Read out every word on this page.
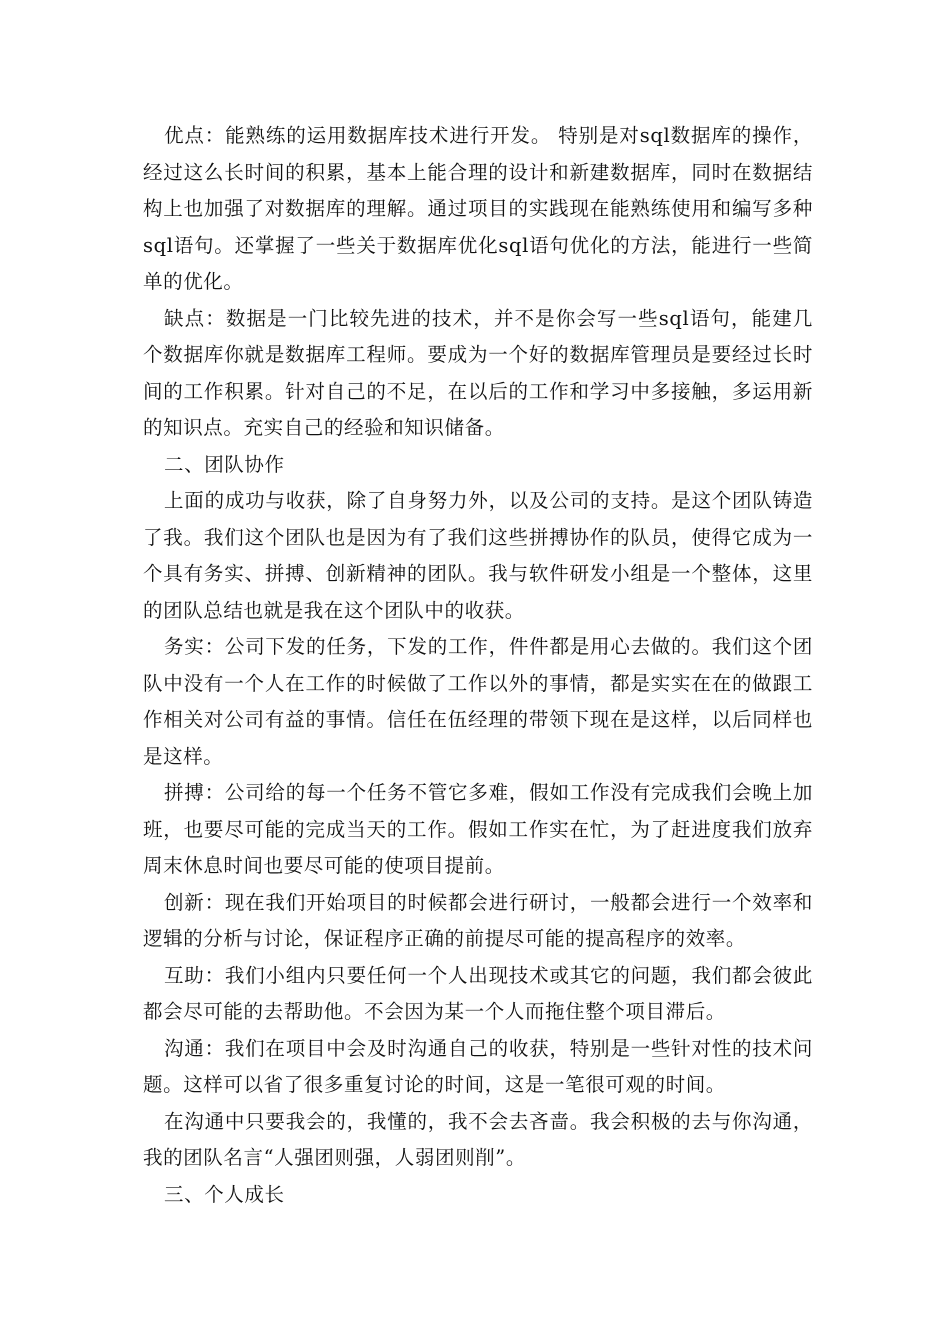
优点：能熟练的运用数据库技术进行开发。 特别是对sql数据库的操作，经过这么长时间的积累，基本上能合理的设计和新建数据库，同时在数据结构上也加强了对数据库的理解。通过项目的实践现在能熟练使用和编写多种sql语句。还掌握了一些关于数据库优化sql语句优化的方法，能进行一些简单的优化。

缺点：数据是一门比较先进的技术，并不是你会写一些sql语句，能建几个数据库你就是数据库工程师。要成为一个好的数据库管理员是要经过长时间的工作积累。针对自己的不足，在以后的工作和学习中多接触，多运用新的知识点。充实自己的经验和知识储备。

二、团队协作

上面的成功与收获，除了自身努力外，以及公司的支持。是这个团队铸造了我。我们这个团队也是因为有了我们这些拼搏协作的队员，使得它成为一个具有务实、拼搏、创新精神的团队。我与软件研发小组是一个整体，这里的团队总结也就是我在这个团队中的收获。

务实：公司下发的任务，下发的工作，件件都是用心去做的。我们这个团队中没有一个人在工作的时候做了工作以外的事情，都是实实在在的做跟工作相关对公司有益的事情。信任在伍经理的带领下现在是这样，以后同样也是这样。

拼搏：公司给的每一个任务不管它多难，假如工作没有完成我们会晚上加班，也要尽可能的完成当天的工作。假如工作实在忙，为了赶进度我们放弃周末休息时间也要尽可能的使项目提前。

创新：现在我们开始项目的时候都会进行研讨，一般都会进行一个效率和逻辑的分析与讨论，保证程序正确的前提尽可能的提高程序的效率。

互助：我们小组内只要任何一个人出现技术或其它的问题，我们都会彼此都会尽可能的去帮助他。不会因为某一个人而拖住整个项目滞后。

沟通：我们在项目中会及时沟通自己的收获，特别是一些针对性的技术问题。这样可以省了很多重复讨论的时间，这是一笔很可观的时间。

在沟通中只要我会的，我懂的，我不会去吝啬。我会积极的去与你沟通，我的团队名言“人强团则强，人弱团则削”。

三、个人成长
